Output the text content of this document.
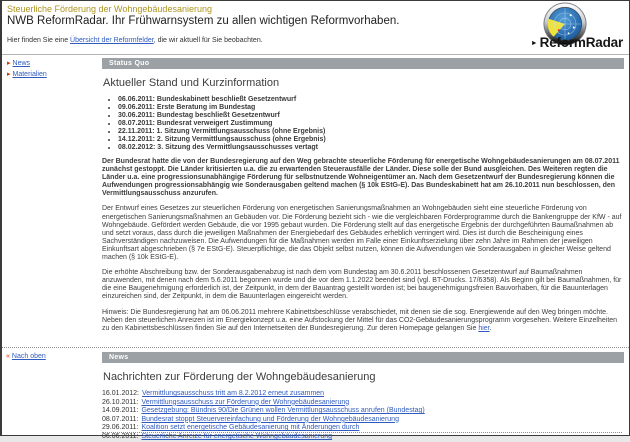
Steuerliche Förderung der Wohngebäudesanierung
NWB ReformRadar. Ihr Frühwarnsystem zu allen wichtigen Reformvorhaben.

Hier finden Sie eine Übersicht der Reformfelder, die wir aktuell für Sie beobachten.	► ReformRadar
▸ News
▸ Materialien
Status Quo
Aktueller Stand und Kurzinformation
• 06.06.2011: Bundeskabinett beschließt Gesetzentwurf
• 09.06.2011: Erste Beratung im Bundestag
• 30.06.2011: Bundestag beschließt Gesetzentwurf
• 08.07.2011: Bundesrat verweigert Zustimmung
• 22.11.2011: 1. Sitzung Vermittlungsausschuss (ohne Ergebnis)
• 14.12.2011: 2. Sitzung Vermittlungsausschuss (ohne Ergebnis)
• 08.02.2012: 3. Sitzung des Vermittlungsausschusses vertagt

Der Bundesrat hatte die von der Bundesregierung auf den Weg gebrachte steuerliche Förderung für energetische Wohngebäudesanierungen am 08.07.2011 zunächst gestoppt. Die Länder kritisierten u.a. die zu erwartenden Steuerausfälle der Länder. Diese solle der Bund ausgleichen. Des Weiteren regten die Länder u.a. eine progressionsunabhängige Förderung für selbstnutzende Wohneigentümer an. Nach dem Gesetzentwurf der Bundesregierung können die Aufwendungen progressionsabhängig wie Sonderausgaben geltend machen (§ 10k EStG-E). Das Bundeskabinett hat am 26.10.2011 nun beschlossen, den Vermittlungsausschuss anzurufen.

Der Entwurf eines Gesetzes zur steuerlichen Förderung von energetischen Sanierungsmaßnahmen an Wohngebäuden sieht eine steuerliche Förderung von energetischen Sanierungsmaßnahmen an Gebäuden vor. Die Förderung bezieht sich - wie die vergleichbaren Förderprogramme durch die Bankengruppe der KfW - auf Wohngebäude. Gefördert werden Gebäude, die vor 1995 gebaut wurden. Die Förderung stellt auf das energetische Ergebnis der durchgeführten Baumaßnahmen ab und setzt voraus, dass durch die jeweiligen Maßnahmen der Energiebedarf des Gebäudes erheblich verringert wird. Dies ist durch die Bescheinigung eines Sachverständigen nachzuweisen. Die Aufwendungen für die Maßnahmen werden im Falle einer Einkunftserzielung über zehn Jahre im Rahmen der jeweiligen Einkunftsart abgeschrieben (§ 7e EStG-E). Steuerpflichtige, die das Objekt selbst nutzen, können die Aufwendungen wie Sonderausgaben in gleicher Weise geltend machen (§ 10k EStG-E).

Die erhöhte Abschreibung bzw. der Sonderausgabenabzug ist nach dem vom Bundestag am 30.6.2011 beschlossenen Gesetzentwurf auf Baumaßnahmen anzuwenden, mit denen nach dem 5.6.2011 begonnen wurde und die vor dem 1.1.2022 beendet sind (vgl. BT-Drucks. 17/6358). Als Beginn gilt bei Baumaßnahmen, für die eine Baugenehmigung erforderlich ist, der Zeitpunkt, in dem der Bauantrag gestellt worden ist; bei baugenehmigungsfreien Bauvorhaben, für die Bauunterlagen einzureichen sind, der Zeitpunkt, in dem die Bauunterlagen eingereicht werden.

Hinweis: Die Bundesregierung hat am 06.06.2011 mehrere Kabinettsbeschlüsse verabschiedet, mit denen sie die sog. Energiewende auf den Weg bringen möchte. Neben den steuerlichen Anreizen ist im Energiekonzept u.a. eine Aufstockung der Mittel für das CO2-Gebäudesanierungsprogramm vorgesehen. Weitere Einzelheiten zu den Kabinettsbeschlüssen finden Sie auf den Internetseiten der Bundesregierung. Zur deren Homepage gelangen Sie hier.

« Nach oben	News
Nachrichten zur Förderung der Wohngebäudesanierung
16.01.2012: Vermittlungsausschuss tritt am 8.2.2012 erneut zusammen
26.10.2011: Vermittlungsausschuss zur Förderung der Wohngebäudesanierung
14.09.2011: Gesetzgebung: Bündnis 90/Die Grünen wollen Vermittlungsausschuss anrufen (Bundestag)
08.07.2011: Bundesrat stoppt Steuervereinfachung und Förderung der Wohngebäudesanierung
29.06.2011: Koalition setzt energetische Gebäudesanierung mit Änderungen durch
06.06.2011: Steuerliche Anreize für energetische Wohngebäudesanierung
